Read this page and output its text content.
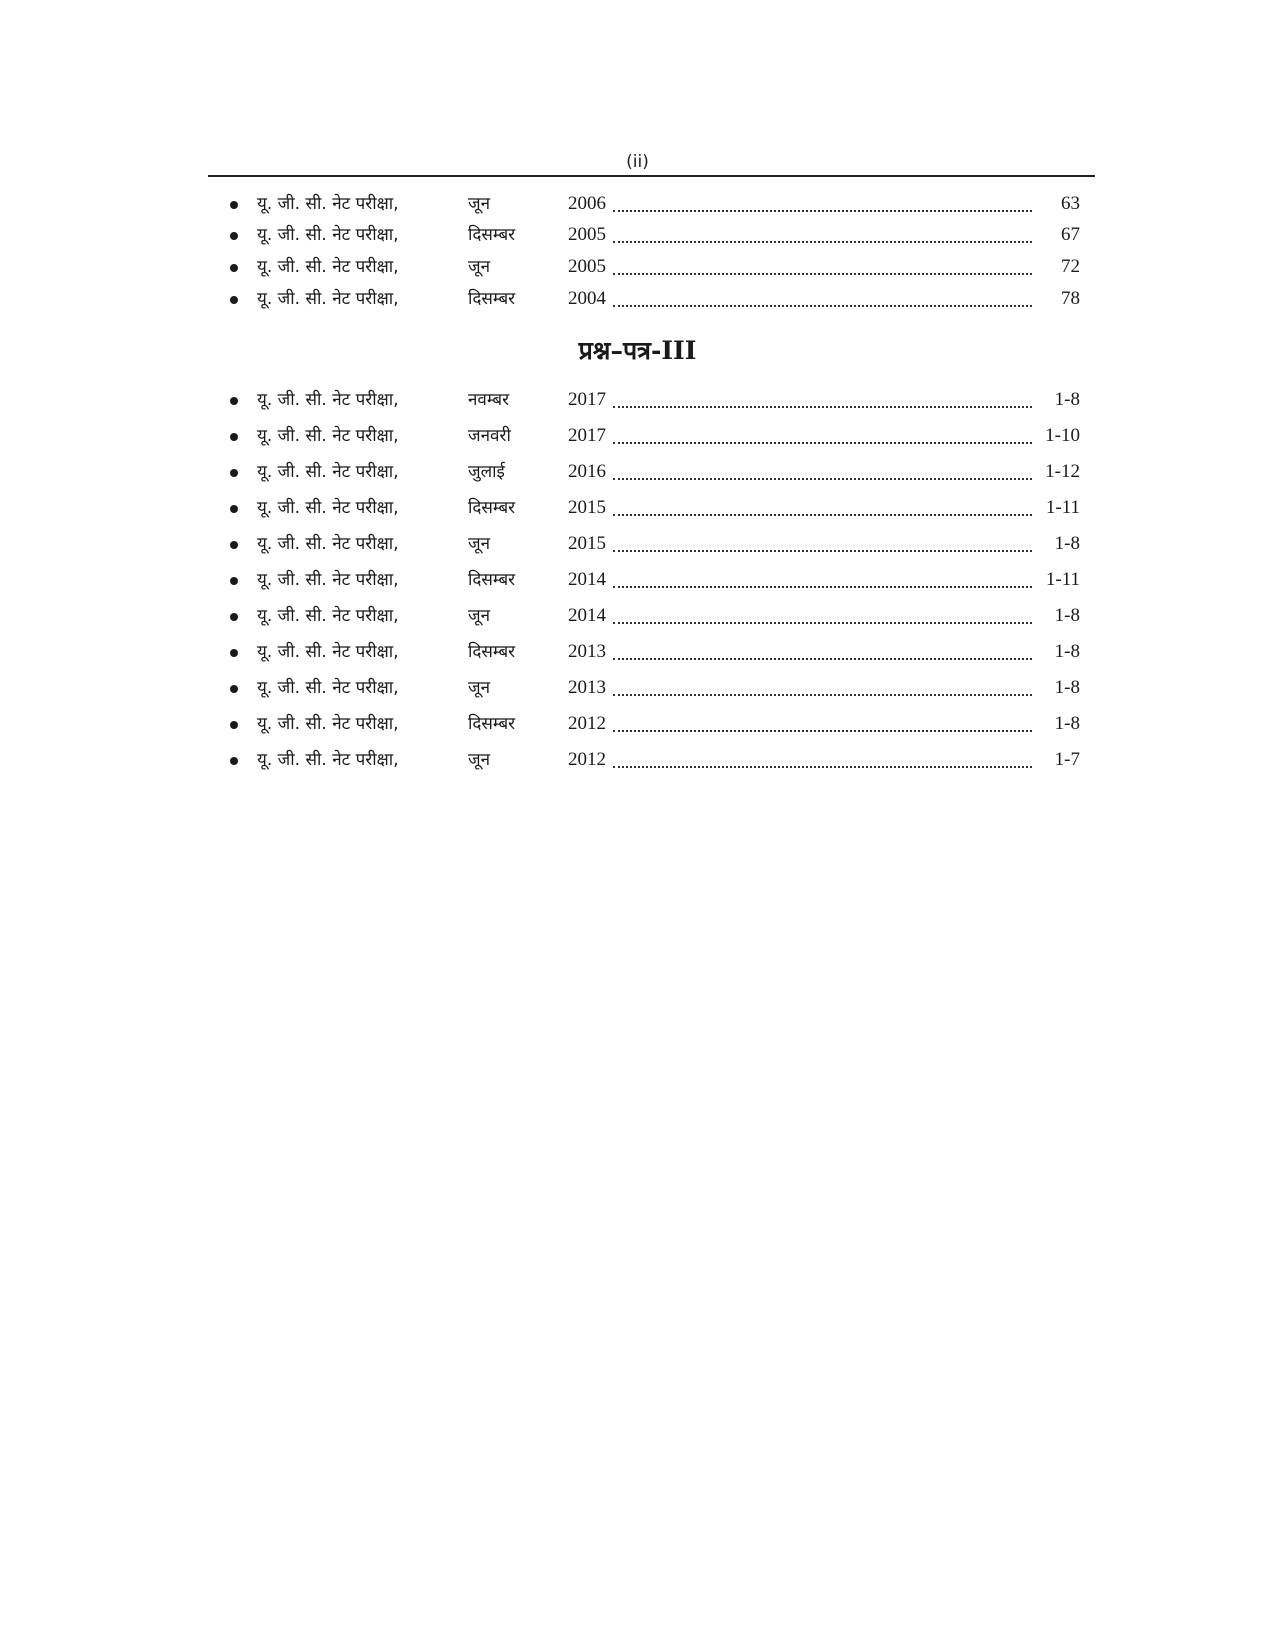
(ii)
यू. जी. सी. नेट परीक्षा,	जून	2006	63
यू. जी. सी. नेट परीक्षा,	दिसम्बर	2005	67
यू. जी. सी. नेट परीक्षा,	जून	2005	72
यू. जी. सी. नेट परीक्षा,	दिसम्बर	2004	78
प्रश्न–पत्र-III
यू. जी. सी. नेट परीक्षा,	नवम्बर	2017	1-8
यू. जी. सी. नेट परीक्षा,	जनवरी	2017	1-10
यू. जी. सी. नेट परीक्षा,	जुलाई	2016	1-12
यू. जी. सी. नेट परीक्षा,	दिसम्बर	2015	1-11
यू. जी. सी. नेट परीक्षा,	जून	2015	1-8
यू. जी. सी. नेट परीक्षा,	दिसम्बर	2014	1-11
यू. जी. सी. नेट परीक्षा,	जून	2014	1-8
यू. जी. सी. नेट परीक्षा,	दिसम्बर	2013	1-8
यू. जी. सी. नेट परीक्षा,	जून	2013	1-8
यू. जी. सी. नेट परीक्षा,	दिसम्बर	2012	1-8
यू. जी. सी. नेट परीक्षा,	जून	2012	1-7
